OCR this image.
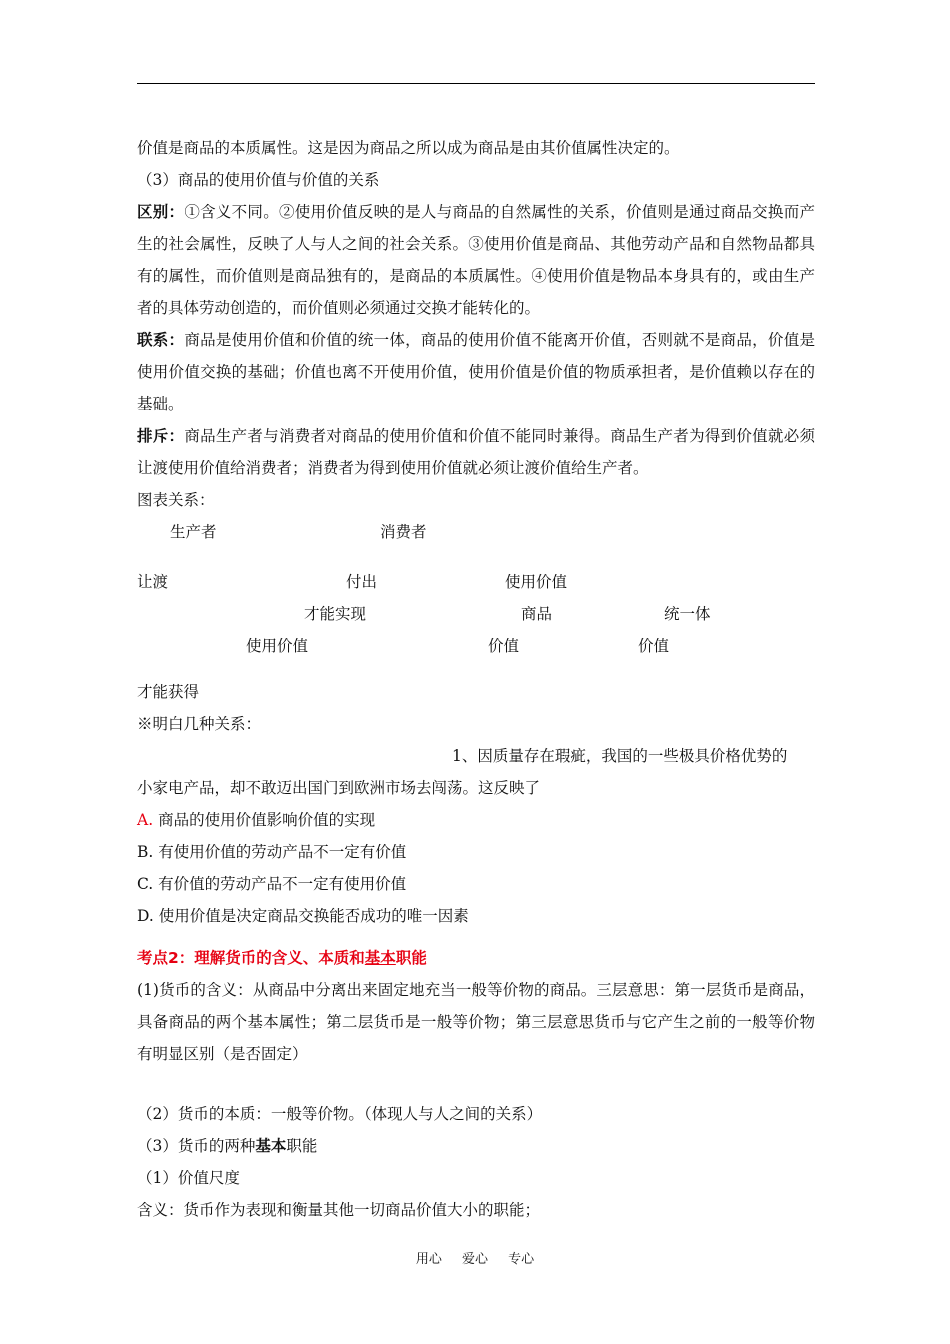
价值是商品的本质属性。这是因为商品之所以成为商品是由其价值属性决定的。

（3）商品的使用价值与价值的关系

区别：①含义不同。②使用价值反映的是人与商品的自然属性的关系，价值则是通过商品交换而产生的社会属性，反映了人与人之间的社会关系。③使用价值是商品、其他劳动产品和自然物品都具有的属性，而价值则是商品独有的，是商品的本质属性。④使用价值是物品本身具有的，或由生产者的具体劳动创造的，而价值则必须通过交换才能转化的。

联系：商品是使用价值和价值的统一体，商品的使用价值不能离开价值，否则就不是商品，价值是使用价值交换的基础；价值也离不开使用价值，使用价值是价值的物质承担者，是价值赖以存在的基础。

排斥：商品生产者与消费者对商品的使用价值和价值不能同时兼得。商品生产者为得到价值就必须让渡使用价值给消费者；消费者为得到使用价值就必须让渡价值给生产者。

图表关系：

生产者	消费者
让渡	付出	使用价值
才能实现	商品	统一体
使用价值	价值	价值

才能获得

※明白几种关系：

1、因质量存在瑕疵，我国的一些极具价格优势的

小家电产品，却不敢迈出国门到欧洲市场去闯荡。这反映了

A. 商品的使用价值影响价值的实现

B. 有使用价值的劳动产品不一定有价值

C. 有价值的劳动产品不一定有使用价值

D. 使用价值是决定商品交换能否成功的唯一因素

考点2：理解货币的含义、本质和基本职能

(1)货币的含义：从商品中分离出来固定地充当一般等价物的商品。三层意思：第一层货币是商品，具备商品的两个基本属性；第二层货币是一般等价物；第三层意思货币与它产生之前的一般等价物有明显区别（是否固定）

（2）货币的本质：一般等价物。（体现人与人之间的关系）

（3）货币的两种基本职能

（1）价值尺度

含义：货币作为表现和衡量其他一切商品价值大小的职能；

用心 爱心 专心
